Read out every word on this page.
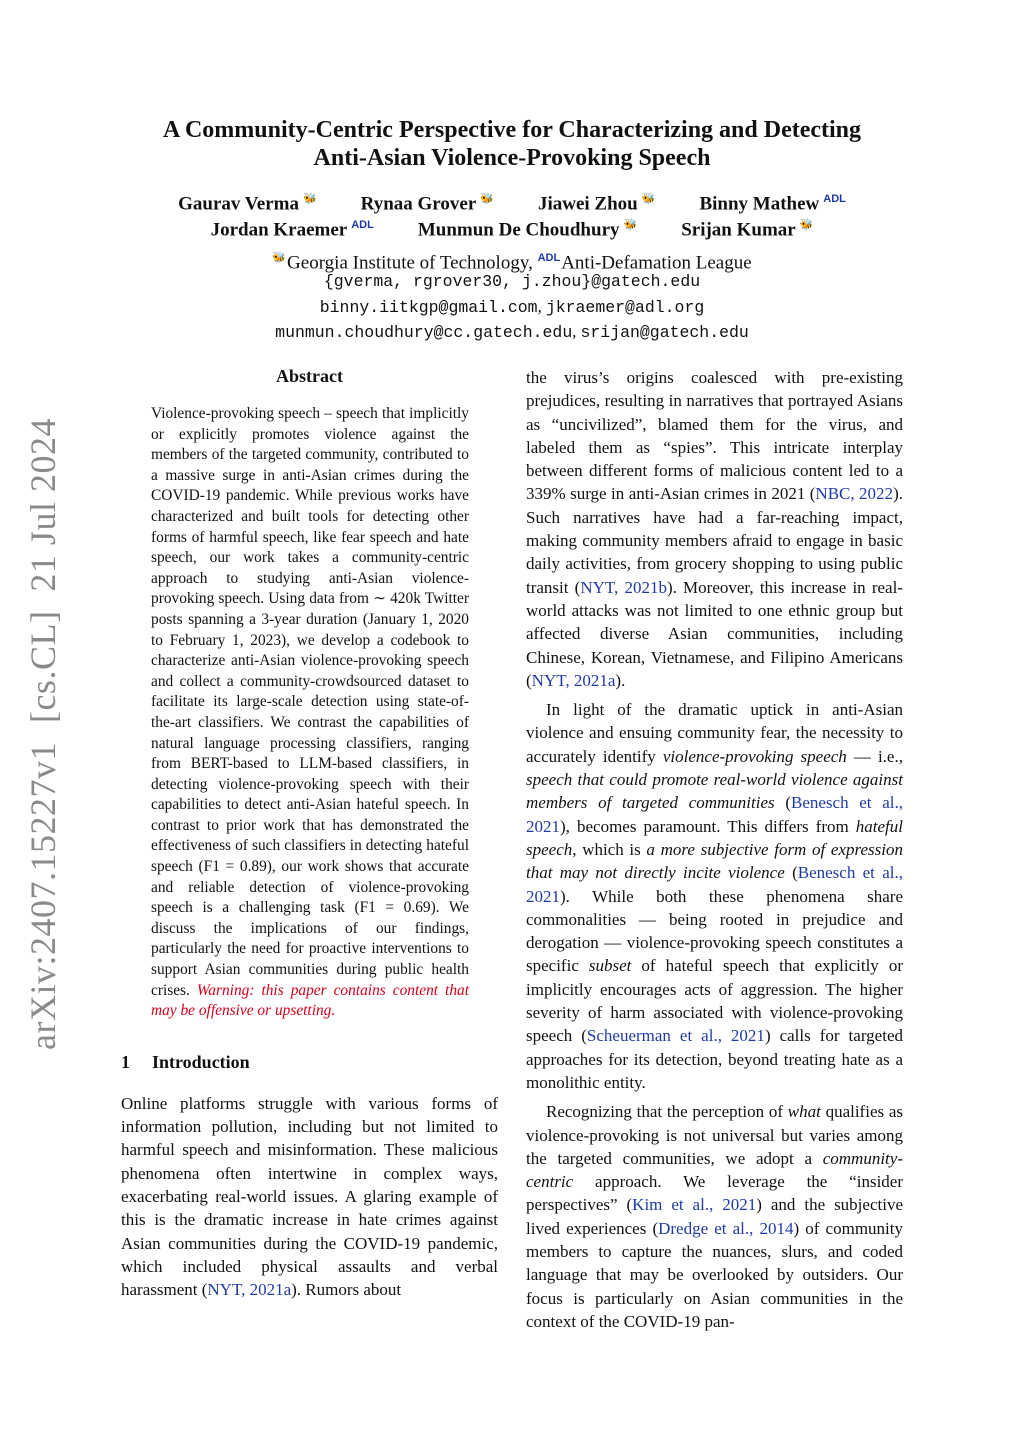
arXiv:2407.15227v1  [cs.CL]  21 Jul 2024
A Community-Centric Perspective for Characterizing and Detecting
Anti-Asian Violence-Provoking Speech
Gaurav Verma 🐝 Rynaa Grover 🐝 Jiawei Zhou 🐝 Binny Mathew $^{ADL}$
Jordan Kraemer $^{ADL}$ Munmun De Choudhury 🐝 Srijan Kumar 🐝
🐝Georgia Institute of Technology, $^{ADL}$Anti-Defamation League
{gverma, rgrover30, j.zhou}@gatech.edu
binny.iitkgp@gmail.com, jkraemer@adl.org
munmun.choudhury@cc.gatech.edu, srijan@gatech.edu
Abstract
Violence-provoking speech – speech that implicitly or explicitly promotes violence against the members of the targeted community, contributed to a massive surge in anti-Asian crimes during the COVID-19 pandemic. While previous works have characterized and built tools for detecting other forms of harmful speech, like fear speech and hate speech, our work takes a community-centric approach to studying anti-Asian violence-provoking speech. Using data from ∼ 420k Twitter posts spanning a 3-year duration (January 1, 2020 to February 1, 2023), we develop a codebook to characterize anti-Asian violence-provoking speech and collect a community-crowdsourced dataset to facilitate its large-scale detection using state-of-the-art classifiers. We contrast the capabilities of natural language processing classifiers, ranging from BERT-based to LLM-based classifiers, in detecting violence-provoking speech with their capabilities to detect anti-Asian hateful speech. In contrast to prior work that has demonstrated the effectiveness of such classifiers in detecting hateful speech (F1 = 0.89), our work shows that accurate and reliable detection of violence-provoking speech is a challenging task (F1 = 0.69). We discuss the implications of our findings, particularly the need for proactive interventions to support Asian communities during public health crises. Warning: this paper contains content that may be offensive or upsetting.
1 Introduction

Online platforms struggle with various forms of information pollution, including but not limited to harmful speech and misinformation. These malicious phenomena often intertwine in complex ways, exacerbating real-world issues. A glaring example of this is the dramatic increase in hate crimes against Asian communities during the COVID-19 pandemic, which included physical assaults and verbal harassment (NYT, 2021a). Rumors about

the virus’s origins coalesced with pre-existing prejudices, resulting in narratives that portrayed Asians as “uncivilized”, blamed them for the virus, and labeled them as “spies”. This intricate interplay between different forms of malicious content led to a 339% surge in anti-Asian crimes in 2021 (NBC, 2022). Such narratives have had a far-reaching impact, making community members afraid to engage in basic daily activities, from grocery shopping to using public transit (NYT, 2021b). Moreover, this increase in real-world attacks was not limited to one ethnic group but affected diverse Asian communities, including Chinese, Korean, Vietnamese, and Filipino Americans (NYT, 2021a).

In light of the dramatic uptick in anti-Asian violence and ensuing community fear, the necessity to accurately identify violence-provoking speech — i.e., speech that could promote real-world violence against members of targeted communities (Benesch et al., 2021), becomes paramount. This differs from hateful speech, which is a more subjective form of expression that may not directly incite violence (Benesch et al., 2021). While both these phenomena share commonalities — being rooted in prejudice and derogation — violence-provoking speech constitutes a specific subset of hateful speech that explicitly or implicitly encourages acts of aggression. The higher severity of harm associated with violence-provoking speech (Scheuerman et al., 2021) calls for targeted approaches for its detection, beyond treating hate as a monolithic entity.

Recognizing that the perception of what qualifies as violence-provoking is not universal but varies among the targeted communities, we adopt a community-centric approach. We leverage the “insider perspectives” (Kim et al., 2021) and the subjective lived experiences (Dredge et al., 2014) of community members to capture the nuances, slurs, and coded language that may be overlooked by outsiders. Our focus is particularly on Asian communities in the context of the COVID-19 pan-
